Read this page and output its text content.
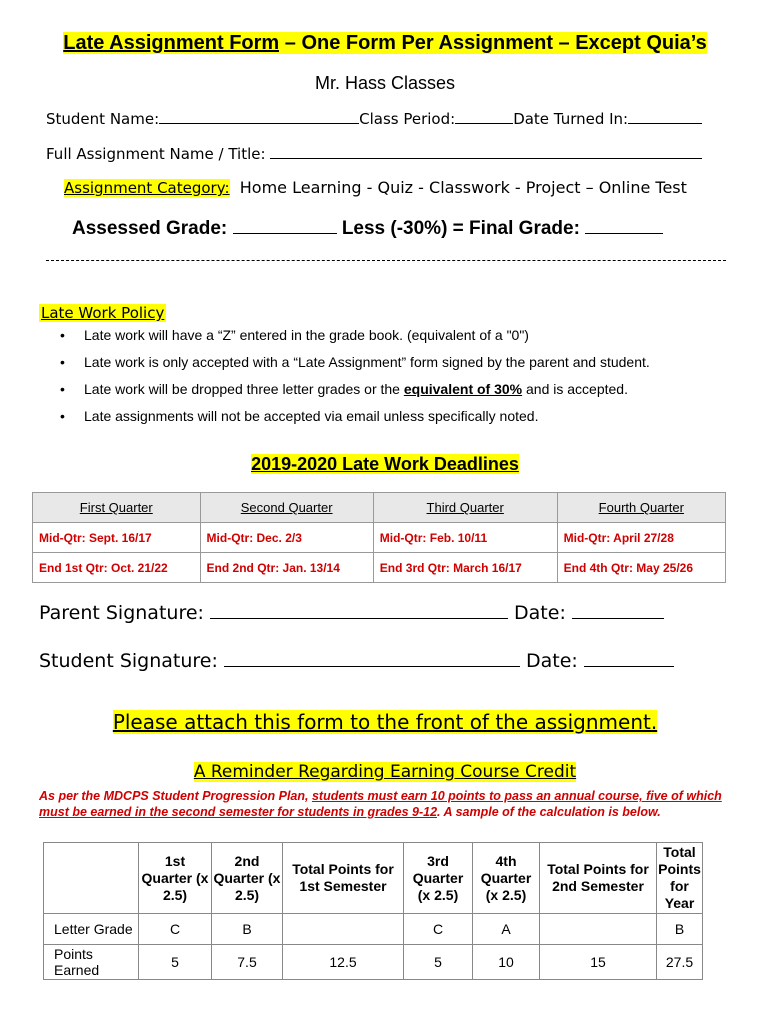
Late Assignment Form – One Form Per Assignment – Except Quia’s
Mr. Hass Classes
Student Name:	Class Period:	Date Turned In:
Full Assignment Name / Title:
Assignment Category: Home Learning - Quiz - Classwork - Project – Online Test
Assessed Grade:	Less (-30%) = Final Grade:
Late Work Policy
• Late work will have a “Z” entered in the grade book. (equivalent of a "0")
• Late work is only accepted with a “Late Assignment” form signed by the parent and student.
• Late work will be dropped three letter grades or the equivalent of 30% and is accepted.
• Late assignments will not be accepted via email unless specifically noted.
2019-2020 Late Work Deadlines
First Quarter	Second Quarter	Third Quarter	Fourth Quarter
Mid-Qtr: Sept. 16/17	Mid-Qtr: Dec. 2/3	Mid-Qtr: Feb. 10/11	Mid-Qtr: April 27/28
End 1st Qtr: Oct. 21/22	End 2nd Qtr: Jan. 13/14	End 3rd Qtr: March 16/17	End 4th Qtr: May 25/26
Parent Signature:	Date:
Student Signature:	Date:
Please attach this form to the front of the assignment.
A Reminder Regarding Earning Course Credit
As per the MDCPS Student Progression Plan, students must earn 10 points to pass an annual course, five of which must be earned in the second semester for students in grades 9-12. A sample of the calculation is below.
	1st Quarter (x 2.5)	2nd Quarter (x 2.5)	Total Points for 1st Semester	3rd Quarter (x 2.5)	4th Quarter (x 2.5)	Total Points for 2nd Semester	Total Points for Year
Letter Grade	C	B		C	A		B
Points Earned	5	7.5	12.5	5	10	15	27.5
